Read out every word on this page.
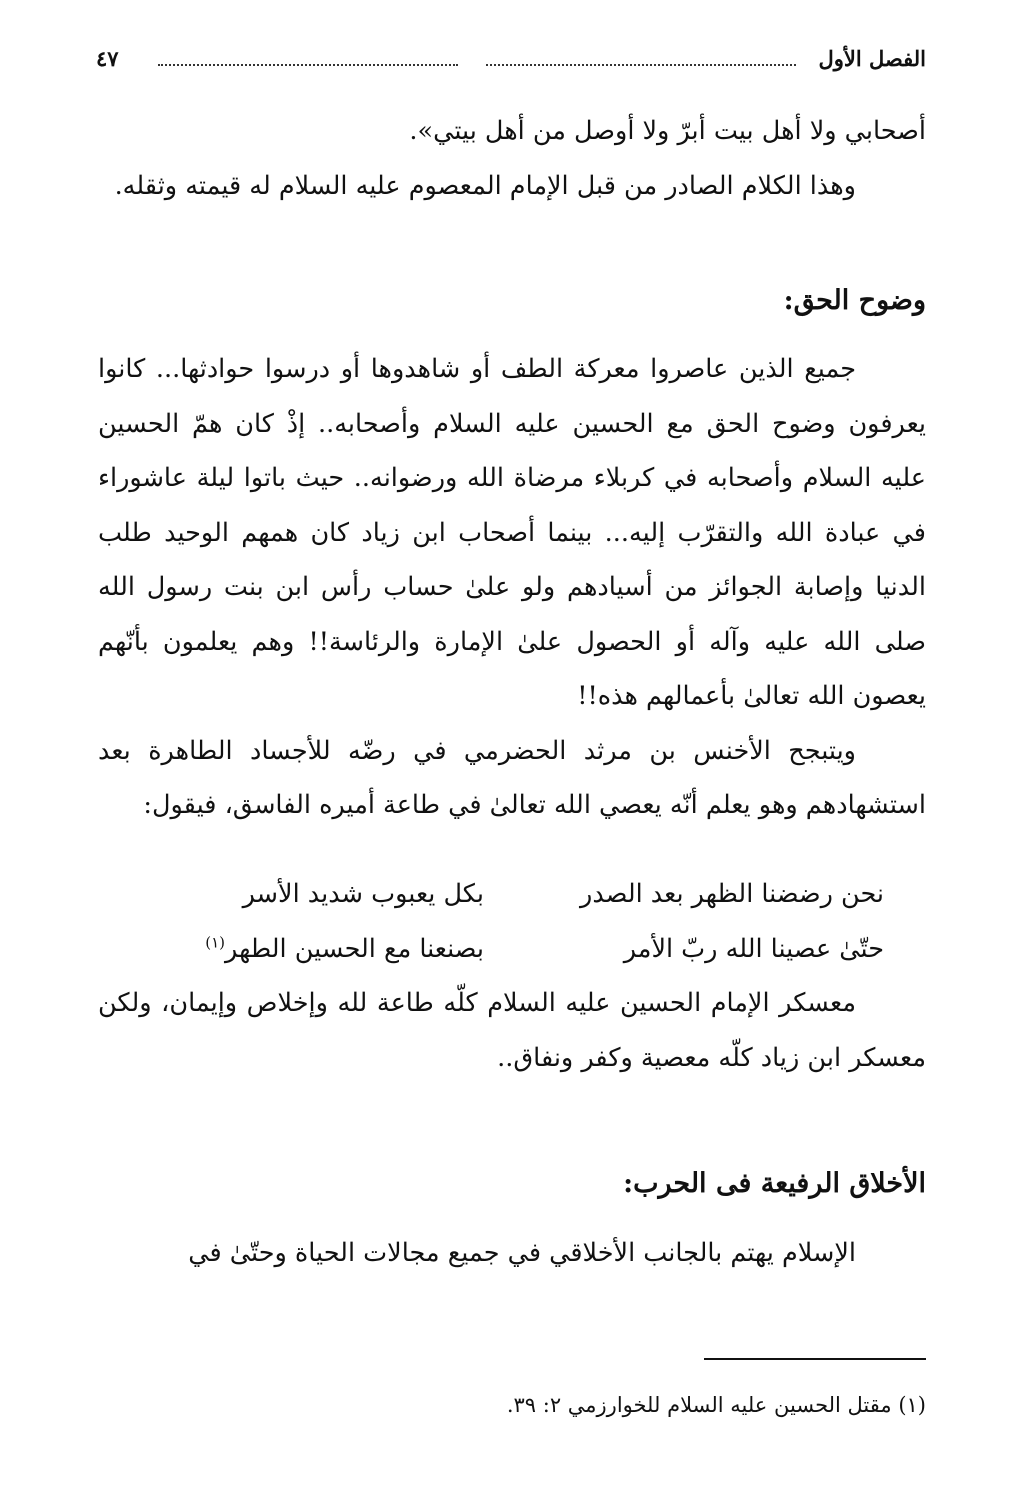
الفصل الأول
٤٧

أصحابي ولا أهل بيت أبرّ ولا أوصل من أهل بيتي».

وهذا الكلام الصادر من قبل الإمام المعصوم عليه السلام له قيمته وثقله.

وضوح الحق:

جميع الذين عاصروا معركة الطف أو شاهدوها أو درسوا حوادثها... كانوا يعرفون وضوح الحق مع الحسين عليه السلام وأصحابه.. إذْ كان همّ الحسين عليه السلام وأصحابه في كربلاء مرضاة الله ورضوانه.. حيث باتوا ليلة عاشوراء في عبادة الله والتقرّب إليه... بينما أصحاب ابن زياد كان همهم الوحيد طلب الدنيا وإصابة الجوائز من أسيادهم ولو علىٰ حساب رأس ابن بنت رسول الله صلى الله عليه وآله أو الحصول علىٰ الإمارة والرئاسة!! وهم يعلمون بأنّهم يعصون الله تعالىٰ بأعمالهم هذه!!

ويتبجح الأخنس بن مرثد الحضرمي في رضّه للأجساد الطاهرة بعد استشهادهم وهو يعلم أنّه يعصي الله تعالىٰ في طاعة أميره الفاسق، فيقول:

نحن رضضنا الظهر بعد الصدر
بكل يعبوب شديد الأسر
حتّىٰ عصينا الله ربّ الأمر
بصنعنا مع الحسين الطهر$^{(١)}$

معسكر الإمام الحسين عليه السلام كلّه طاعة لله وإخلاص وإيمان، ولكن معسكر ابن زياد كلّه معصية وكفر ونفاق..

الأخلاق الرفيعة فى الحرب:

الإسلام يهتم بالجانب الأخلاقي في جميع مجالات الحياة وحتّىٰ في

(١) مقتل الحسين عليه السلام للخوارزمي ٢: ٣٩.
